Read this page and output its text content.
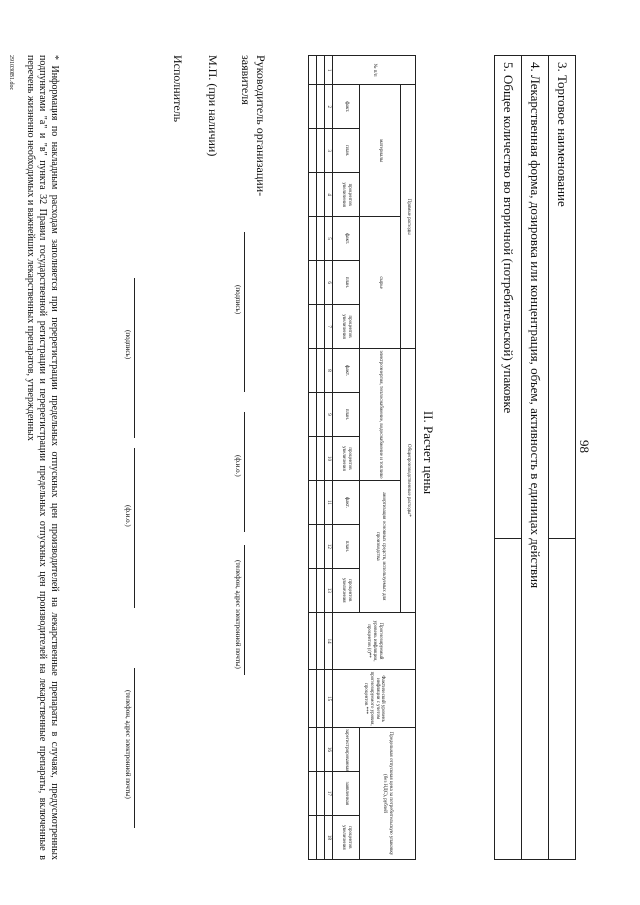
98
3. Торговое наименование	
4. Лекарственная форма, дозировка или концентрация, объем, активность в единицах действия	
5. Общее количество во вторичной (потребительской) упаковке	
II. Расчет цены
№ п/п	Прямые расходы						Общепроизводственные расходы*						Прогнозируемый уровень инфляции, процентов (r)**	Фактический уровень инфляции с учетом прогнозируемого уровня, процентов ***	Предельная отпускная цена за потребительскую упаковку (без НДС), рублей		
	материалы			сырье			электроэнергия, теплоснабжение, водоснабжение и топливо			амортизация основных средств, используемых для производства							
	факт.	план.	процентов увеличения	факт.	план.	процентов увеличения	факт.	план.	процентов увеличения	факт.	план.	процентов увеличения			зарегистрированная	заявленная	процентов увеличения
1	2	3	4	5	6	7	8	9	10	11	12	13	14	15	16	17	18

Руководитель организации-заявителя
(подпись)
(ф.и.о.)
(телефон, адрес электронной почты)
М.П. (при наличии)
Исполнитель
(подпись)
(ф.и.о.)
(телефон, адрес электронной почты)
* Информация по накладным расходам заполняется при перерегистрации предельных отпускных цен производителей на лекарственные препараты в случаях, предусмотренных подпунктами "а" и "в" пункта 32 Правил государственной регистрации и перерегистрации предельных отпускных цен производителей на лекарственные препараты, включенные в перечень жизненно необходимых и важнейших лекарственных препаратов, утвержденных
291030B1.doc
